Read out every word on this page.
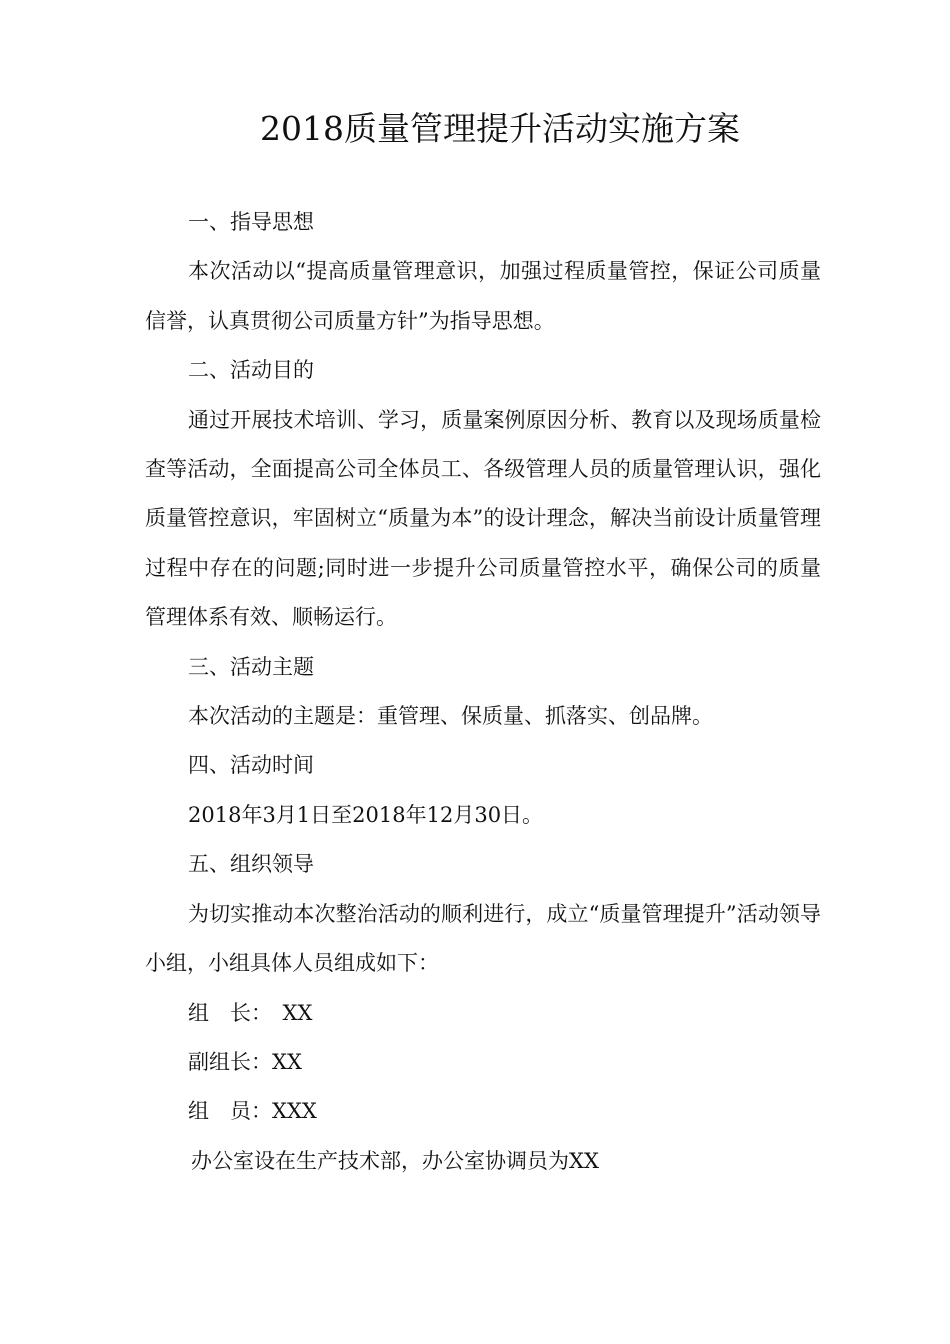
2018质量管理提升活动实施方案

一、指导思想

本次活动以“提高质量管理意识，加强过程质量管控，保证公司质量信誉，认真贯彻公司质量方针”为指导思想。

二、活动目的

通过开展技术培训、学习，质量案例原因分析、教育以及现场质量检查等活动，全面提高公司全体员工、各级管理人员的质量管理认识，强化质量管控意识，牢固树立“质量为本”的设计理念，解决当前设计质量管理过程中存在的问题;同时进一步提升公司质量管控水平，确保公司的质量管理体系有效、顺畅运行。

三、活动主题

本次活动的主题是：重管理、保质量、抓落实、创品牌。

四、活动时间

2018年3月1日至2018年12月30日。

五、组织领导

为切实推动本次整治活动的顺利进行，成立“质量管理提升”活动领导小组，小组具体人员组成如下：

组　长：　XX

副组长：XX

组　员：XXX

办公室设在生产技术部，办公室协调员为XX
